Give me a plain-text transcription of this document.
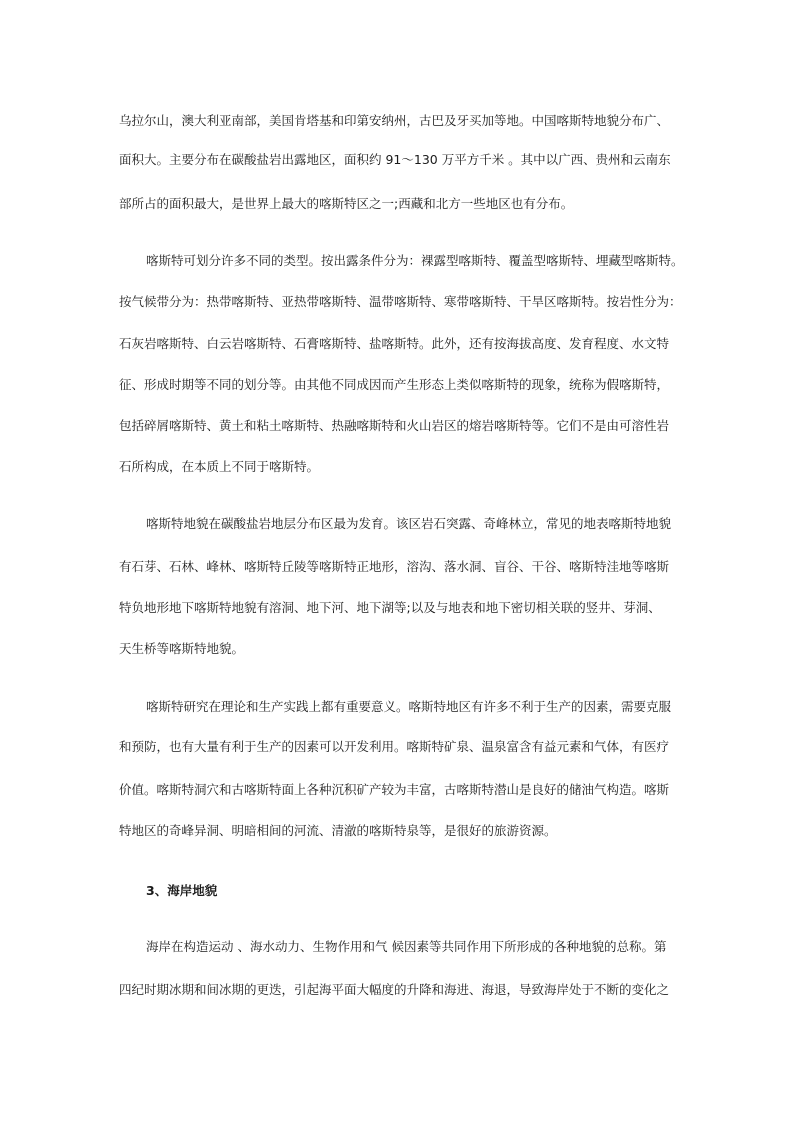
乌拉尔山，澳大利亚南部，美国肯塔基和印第安纳州，古巴及牙买加等地。中国喀斯特地貌分布广、
面积大。主要分布在碳酸盐岩出露地区，面积约 91～130 万平方千米 。其中以广西、贵州和云南东
部所占的面积最大，是世界上最大的喀斯特区之一;西藏和北方一些地区也有分布。
喀斯特可划分许多不同的类型。按出露条件分为：裸露型喀斯特、覆盖型喀斯特、埋藏型喀斯特。
按气候带分为：热带喀斯特、亚热带喀斯特、温带喀斯特、寒带喀斯特、干旱区喀斯特。按岩性分为：
石灰岩喀斯特、白云岩喀斯特、石膏喀斯特、盐喀斯特。此外，还有按海拔高度、发育程度、水文特
征、形成时期等不同的划分等。由其他不同成因而产生形态上类似喀斯特的现象，统称为假喀斯特，
包括碎屑喀斯特、黄土和粘土喀斯特、热融喀斯特和火山岩区的熔岩喀斯特等。它们不是由可溶性岩
石所构成，在本质上不同于喀斯特。
喀斯特地貌在碳酸盐岩地层分布区最为发育。该区岩石突露、奇峰林立，常见的地表喀斯特地貌
有石芽、石林、峰林、喀斯特丘陵等喀斯特正地形，溶沟、落水洞、盲谷、干谷、喀斯特洼地等喀斯
特负地形地下喀斯特地貌有溶洞、地下河、地下湖等;以及与地表和地下密切相关联的竖井、芽洞、
天生桥等喀斯特地貌。
喀斯特研究在理论和生产实践上都有重要意义。喀斯特地区有许多不利于生产的因素，需要克服
和预防，也有大量有利于生产的因素可以开发利用。喀斯特矿泉、温泉富含有益元素和气体，有医疗
价值。喀斯特洞穴和古喀斯特面上各种沉积矿产较为丰富，古喀斯特潜山是良好的储油气构造。喀斯
特地区的奇峰异洞、明暗相间的河流、清澈的喀斯特泉等，是很好的旅游资源。
3、海岸地貌
海岸在构造运动 、海水动力、生物作用和气 候因素等共同作用下所形成的各种地貌的总称。第
四纪时期冰期和间冰期的更迭，引起海平面大幅度的升降和海进、海退，导致海岸处于不断的变化之
